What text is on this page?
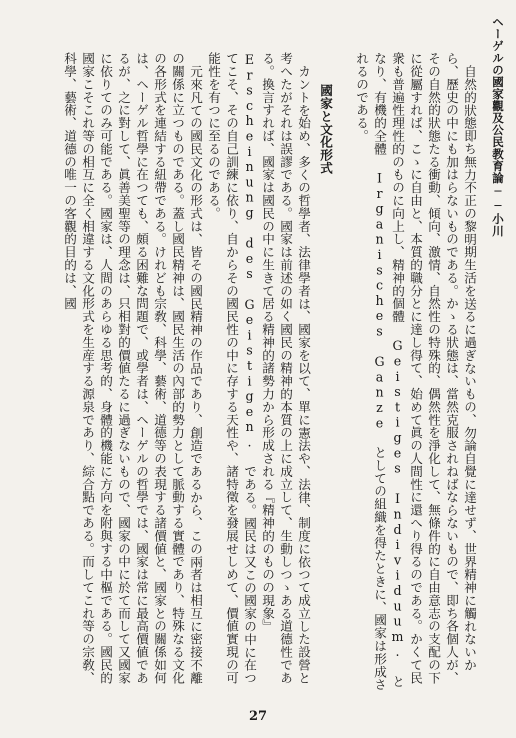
ヘーゲルの國家觀及公民教育論──小川

自然的狀態即ち無力不正の黎明期生活を送るに過ぎないもの、勿論自覺に達せず、世界精神に觸れないから、歷史の中にも加はらないものである。かゝる狀態は、當然克服されねばならないもので、即ち各個人が、その自然的狀態たる衝動、傾向、激情、自然性の特殊的、偶然性を淨化して、無條件的に自由意志の支配の下に從屬すれば、こゝに自由と、本質的職分とに達し得て、始めて眞の人間性に還へり得るのである。かくて民衆も普遍性理性的のものに向上し、精神的個體 Geistiges Individuum. となり、有機的全體 Irganisches Ganze としての組織を得たときに、國家は形成されるのである。

國家と文化形式

カントを始め、多くの哲學者、法律學者は、國家を以て、單に憲法や、法律、制度に依つて成立した設營と考へたがそれは誤謬である。國家は前述の如く國民の精神的本質の上に成立して、生動しつゝある道德性である。換言すれば、國家は國民の中に生きて居る精神的諸勢力から形成される『精神的のものの現象』Erscheinung des Geistigen. である。國民は又この國家の中に在つてこそ、その自己訓練に依り、自からその國民性の中に存する天性や、諸特徵を發展せしめて、價値實現の可能性を有つに至るのである。

元來凡ての國民文化の形式は、皆その國民精神の作品であり、創造であるから、この兩者は相互に密接不離の關係に立つものである。蓋し國民精神は、國民生活の內部的勢力として脈動する實體であり、特殊なる文化の各形式を連結する紐帶である。けれども宗敎、科學、藝術、道德等の表現する諸價値と、國家との關係如何は、ヘーゲル哲學に在つても、頗る困難な問題で、或學者は、ヘーゲルの哲學では、國家は常に最高價値であるが、之に對して、眞善美聖等の理念は、只相對的價値たるに過ぎないもので、國家の中に於て而して又國家に依りてのみ可能である。國家は、人間のあらゆる思考的、身體的機能に方向を附與する中樞である。國民的國家こそこれ等の相互に全く相違する文化形式を生産する源泉であり、綜合點である。而してこれ等の宗敎、科學、藝術、道德の唯一の客觀的目的は、國

27
